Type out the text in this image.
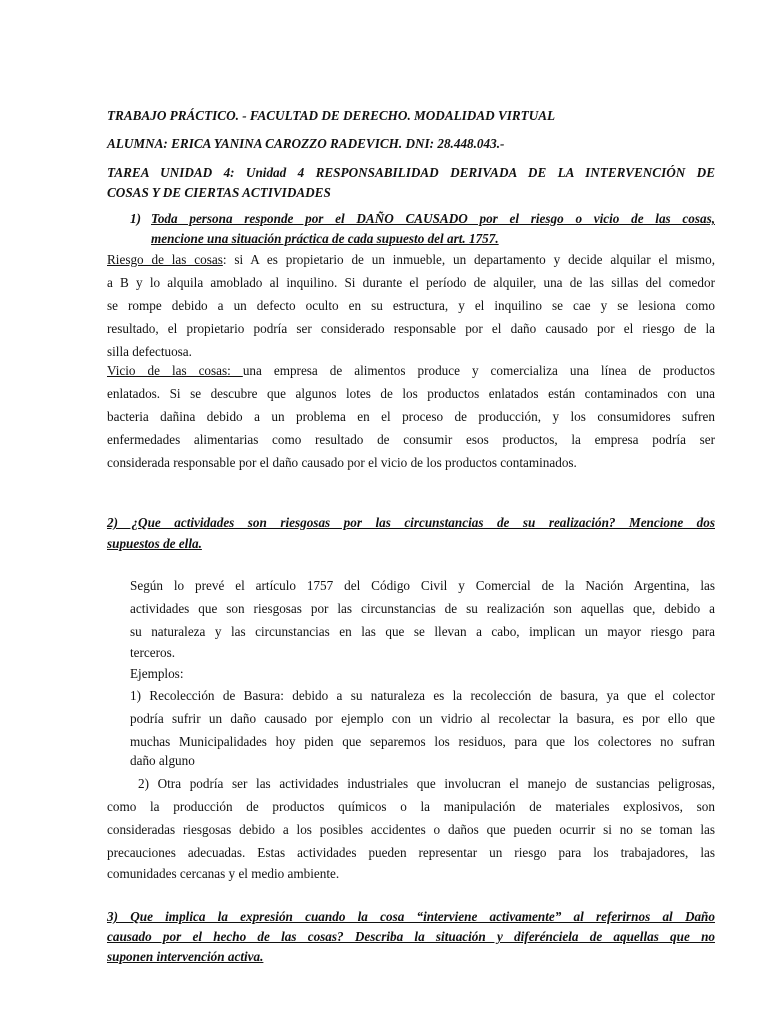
TRABAJO PRÁCTICO. - FACULTAD DE DERECHO. MODALIDAD VIRTUAL
ALUMNA: ERICA YANINA CAROZZO RADEVICH. DNI: 28.448.043.-
TAREA UNIDAD 4: Unidad 4 RESPONSABILIDAD DERIVADA DE LA INTERVENCIÓN DE
COSAS Y DE CIERTAS ACTIVIDADES
1) Toda persona responde por el DAÑO CAUSADO por el riesgo o vicio de las cosas,
mencione una situación práctica de cada supuesto del art. 1757.
Riesgo de las cosas: si A es propietario de un inmueble, un departamento y decide alquilar el mismo,
a B y lo alquila amoblado al inquilino. Si durante el período de alquiler, una de las sillas del comedor
se rompe debido a un defecto oculto en su estructura, y el inquilino se cae y se lesiona como
resultado, el propietario podría ser considerado responsable por el daño causado por el riesgo de la
silla defectuosa.
Vicio de las cosas: una empresa de alimentos produce y comercializa una línea de productos
enlatados. Si se descubre que algunos lotes de los productos enlatados están contaminados con una
bacteria dañina debido a un problema en el proceso de producción, y los consumidores sufren
enfermedades alimentarias como resultado de consumir esos productos, la empresa podría ser
considerada responsable por el daño causado por el vicio de los productos contaminados.
2) ¿Que actividades son riesgosas por las circunstancias de su realización? Mencione dos
supuestos de ella.
Según lo prevé el artículo 1757 del Código Civil y Comercial de la Nación Argentina, las
actividades que son riesgosas por las circunstancias de su realización son aquellas que, debido a
su naturaleza y las circunstancias en las que se llevan a cabo, implican un mayor riesgo para
terceros.
Ejemplos:
1) Recolección de Basura: debido a su naturaleza es la recolección de basura, ya que el colector
podría sufrir un daño causado por ejemplo con un vidrio al recolectar la basura, es por ello que
muchas Municipalidades hoy piden que separemos los residuos, para que los colectores no sufran
daño alguno
2) Otra podría ser las actividades industriales que involucran el manejo de sustancias peligrosas,
como la producción de productos químicos o la manipulación de materiales explosivos, son
consideradas riesgosas debido a los posibles accidentes o daños que pueden ocurrir si no se toman las
precauciones adecuadas. Estas actividades pueden representar un riesgo para los trabajadores, las
comunidades cercanas y el medio ambiente.
3) Que implica la expresión cuando la cosa “interviene activamente” al referirnos al Daño
causado por el hecho de las cosas? Describa la situación y diferénciela de aquellas que no
suponen intervención activa.
